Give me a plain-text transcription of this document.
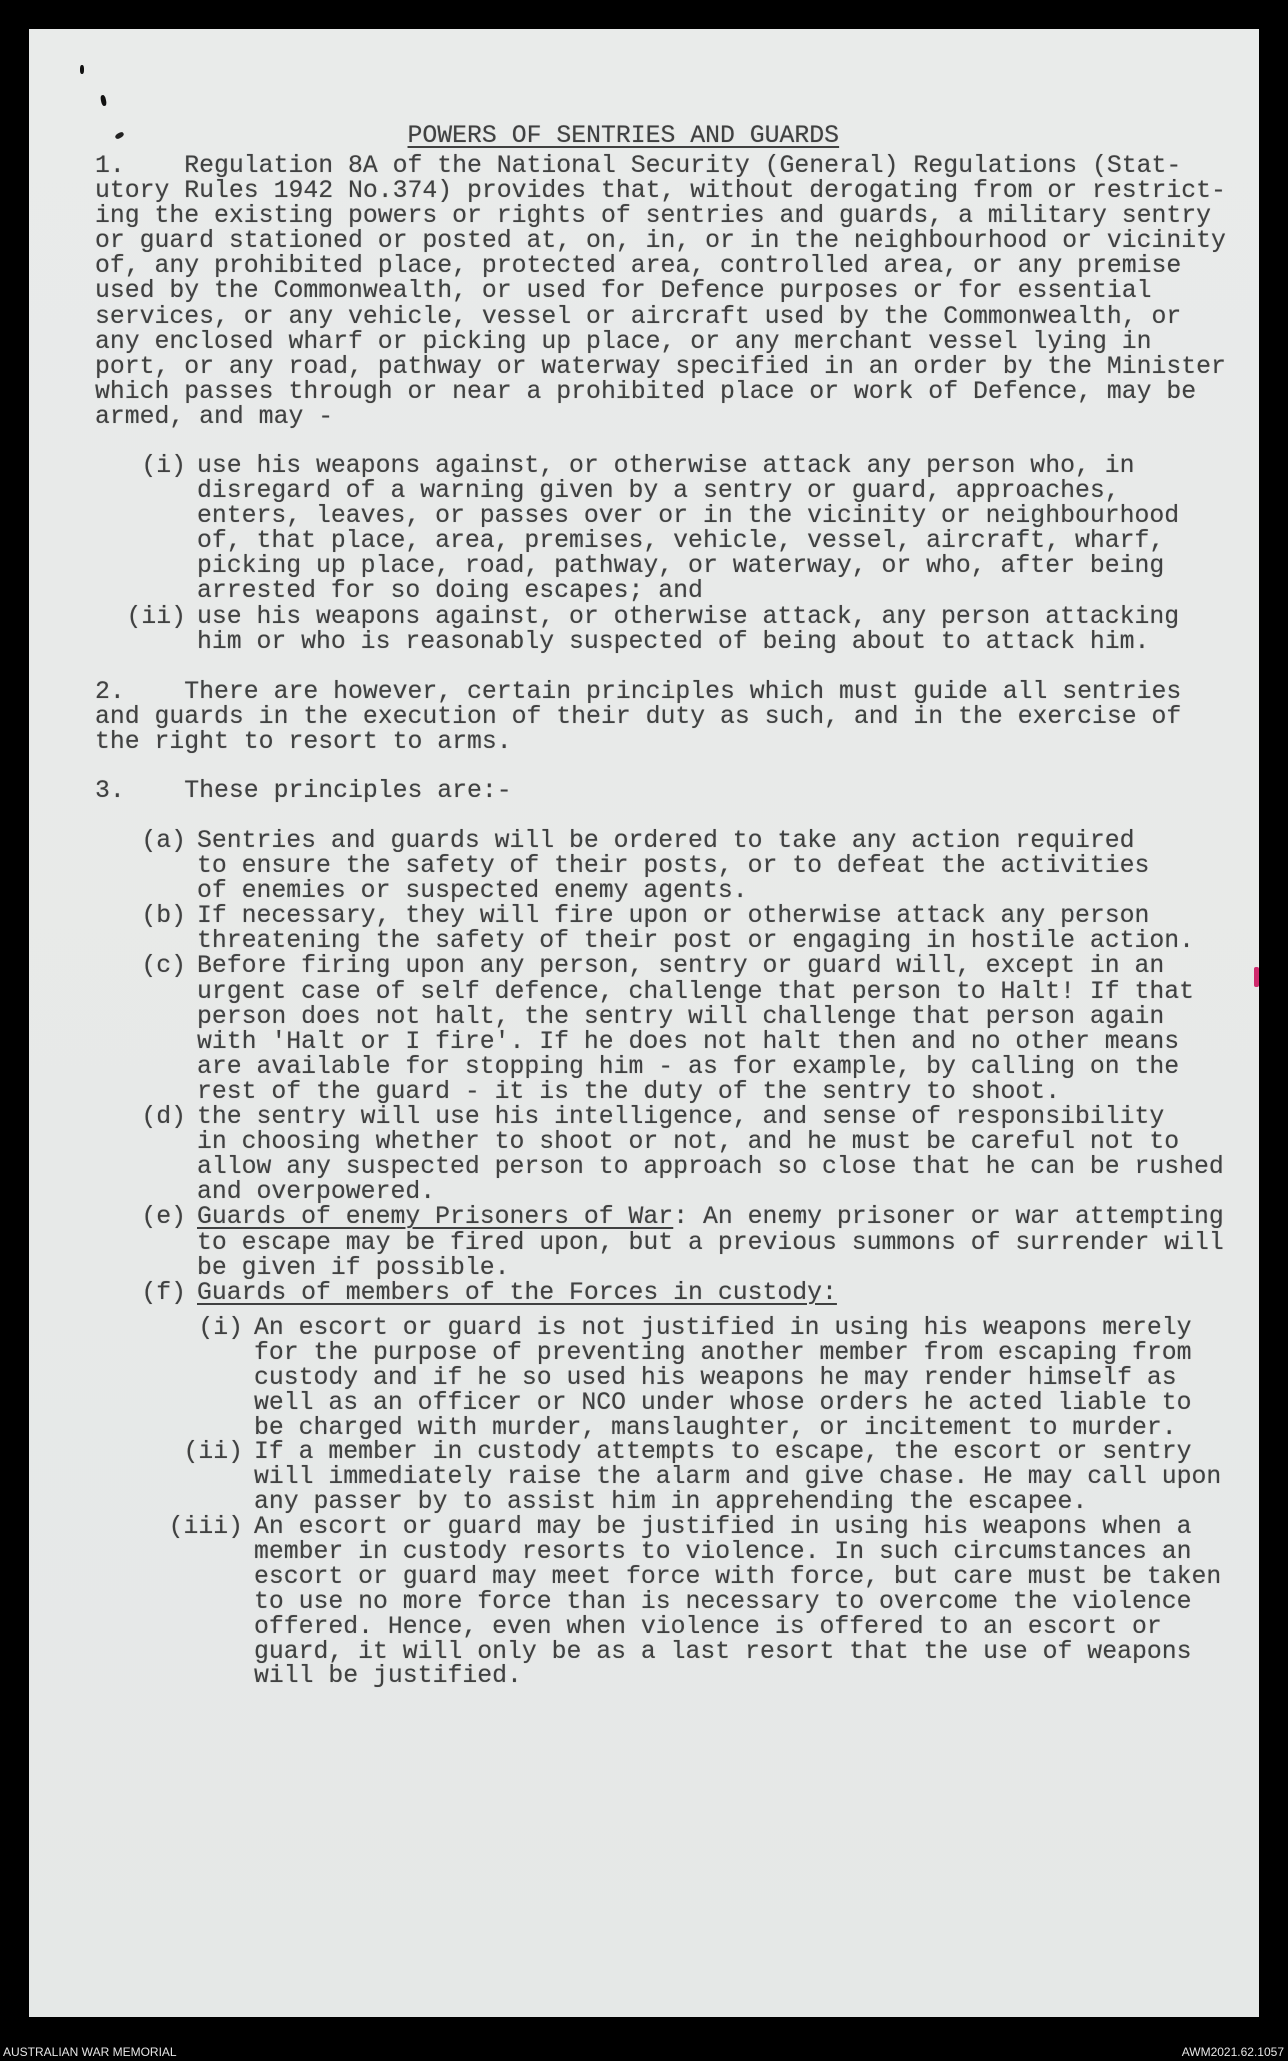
POWERS OF SENTRIES AND GUARDS

1.    Regulation 8A of the National Security (General) Regulations (Stat-
utory Rules 1942 No.374) provides that, without derogating from or restrict-
ing the existing powers or rights of sentries and guards, a military sentry
or guard stationed or posted at, on, in, or in the neighbourhood or vicinity
of, any prohibited place, protected area, controlled area, or any premise
used by the Commonwealth, or used for Defence purposes or for essential
services, or any vehicle, vessel or aircraft used by the Commonwealth, or
any enclosed wharf or picking up place, or any merchant vessel lying in
port, or any road, pathway or waterway specified in an order by the Minister
which passes through or near a prohibited place or work of Defence, may be
armed, and may -
(i) use his weapons against, or otherwise attack any person who, in
disregard of a warning given by a sentry or guard, approaches,
enters, leaves, or passes over or in the vicinity or neighbourhood
of, that place, area, premises, vehicle, vessel, aircraft, wharf,
picking up place, road, pathway, or waterway, or who, after being
arrested for so doing escapes; and
(ii) use his weapons against, or otherwise attack, any person attacking
him or who is reasonably suspected of being about to attack him.
2.    There are however, certain principles which must guide all sentries
and guards in the execution of their duty as such, and in the exercise of
the right to resort to arms.
3.    These principles are:-
(a) Sentries and guards will be ordered to take any action required
to ensure the safety of their posts, or to defeat the activities
of enemies or suspected enemy agents.
(b) If necessary, they will fire upon or otherwise attack any person
threatening the safety of their post or engaging in hostile action.
(c) Before firing upon any person, sentry or guard will, except in an
urgent case of self defence, challenge that person to Halt! If that
person does not halt, the sentry will challenge that person again
with 'Halt or I fire'. If he does not halt then and no other means
are available for stopping him - as for example, by calling on the
rest of the guard - it is the duty of the sentry to shoot.
(d) the sentry will use his intelligence, and sense of responsibility
in choosing whether to shoot or not, and he must be careful not to
allow any suspected person to approach so close that he can be rushed
and overpowered.
(e) Guards of enemy Prisoners of War: An enemy prisoner or war attempting
to escape may be fired upon, but a previous summons of surrender will
be given if possible.
(f) Guards of members of the Forces in custody:
(i) An escort or guard is not justified in using his weapons merely
for the purpose of preventing another member from escaping from
custody and if he so used his weapons he may render himself as
well as an officer or NCO under whose orders he acted liable to
be charged with murder, manslaughter, or incitement to murder.
(ii) If a member in custody attempts to escape, the escort or sentry
will immediately raise the alarm and give chase. He may call upon
any passer by to assist him in apprehending the escapee.
(iii) An escort or guard may be justified in using his weapons when a
member in custody resorts to violence. In such circumstances an
escort or guard may meet force with force, but care must be taken
to use no more force than is necessary to overcome the violence
offered. Hence, even when violence is offered to an escort or
guard, it will only be as a last resort that the use of weapons
will be justified.
AUSTRALIAN WAR MEMORIAL	AWM2021.62.1057
